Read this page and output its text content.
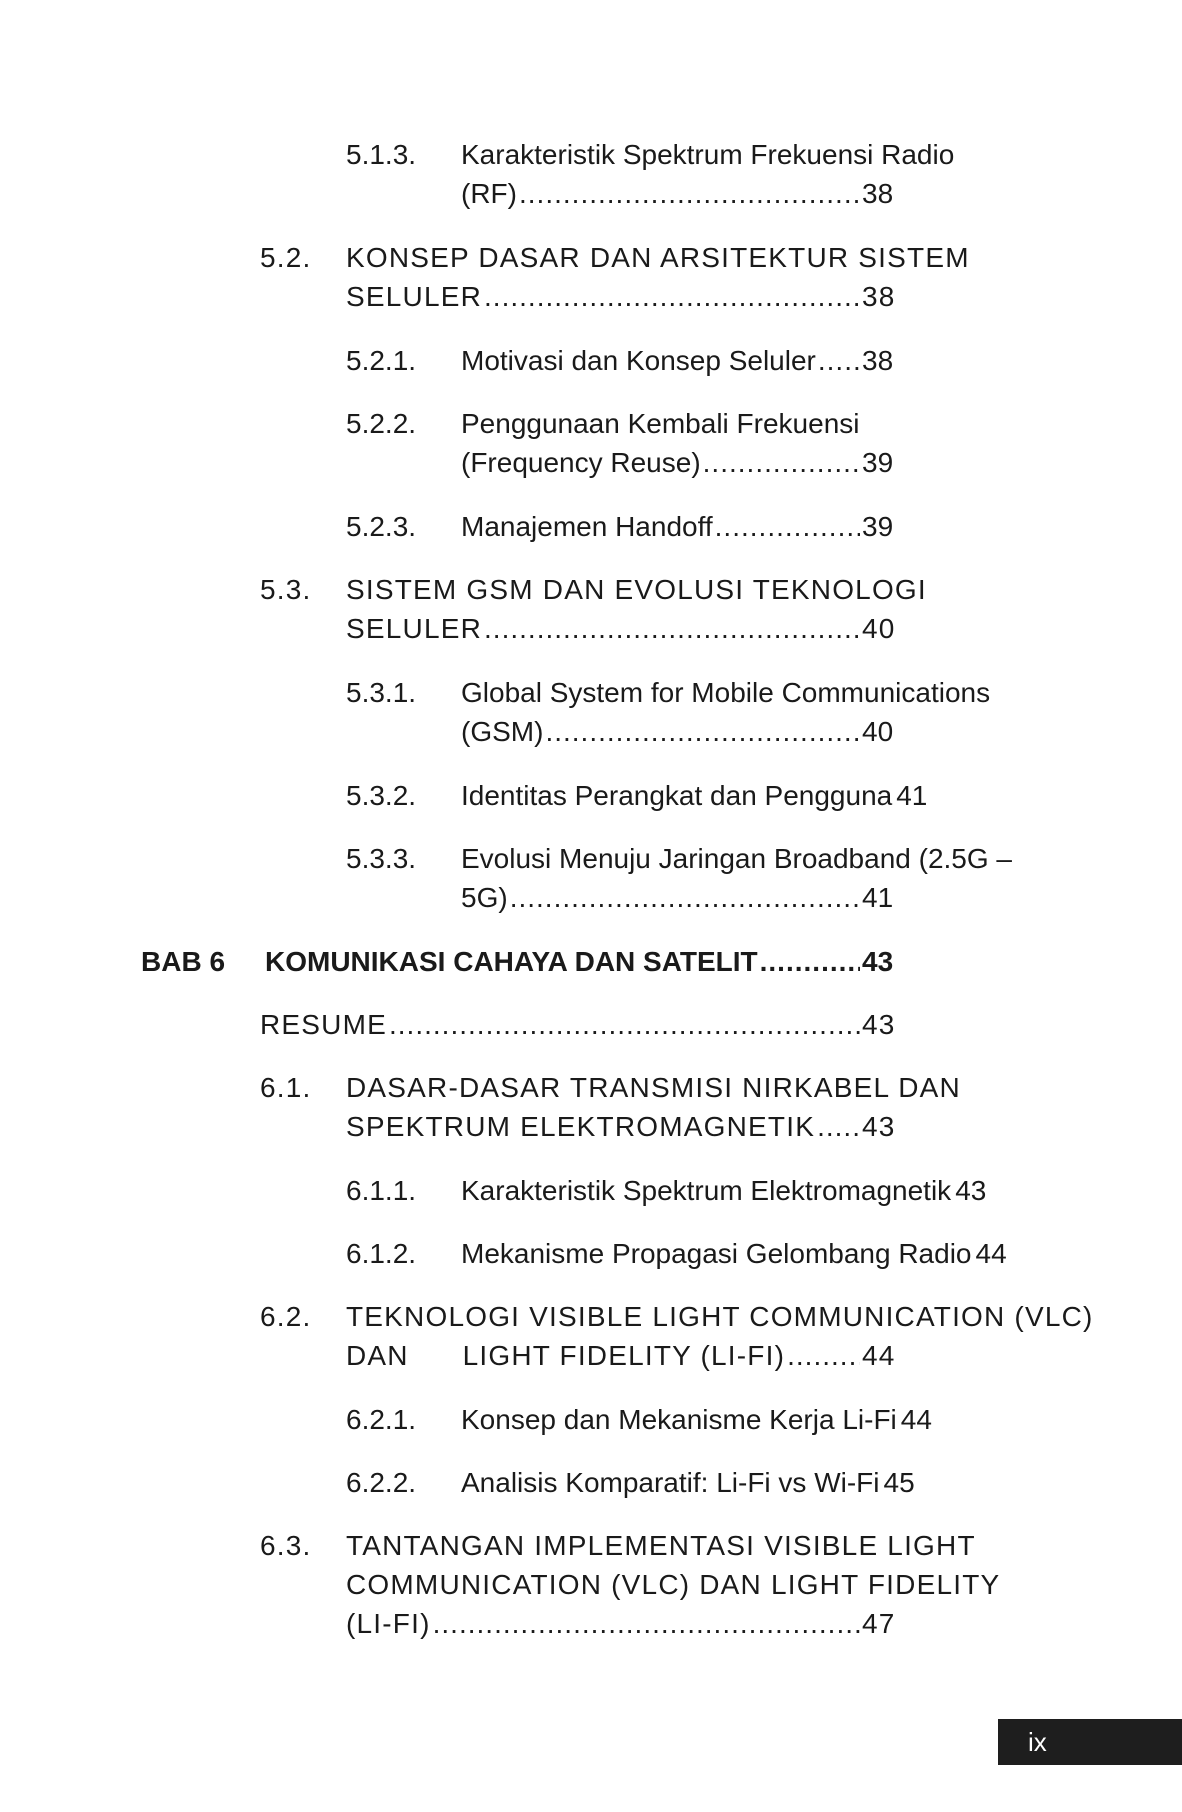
5.1.3. Karakteristik Spektrum Frekuensi Radio
(RF) .....	38
5.2. KONSEP DASAR DAN ARSITEKTUR SISTEM
SELULER .....	38
5.2.1. Motivasi dan Konsep Seluler ..... 38
5.2.2. Penggunaan Kembali Frekuensi
(Frequency Reuse) .....	39
5.2.3. Manajemen Handoff .....	39
5.3. SISTEM GSM DAN EVOLUSI TEKNOLOGI
SELULER .....	40
5.3.1. Global System for Mobile Communications
(GSM) .....	40
5.3.2. Identitas Perangkat dan Pengguna 41
5.3.3. Evolusi Menuju Jaringan Broadband (2.5G –
5G) .....	41
BAB 6 KOMUNIKASI CAHAYA DAN SATELIT .....	43
RESUME .....	43
6.1. DASAR-DASAR TRANSMISI NIRKABEL DAN
SPEKTRUM ELEKTROMAGNETIK ..... 43
6.1.1. Karakteristik Spektrum Elektromagnetik 43
6.1.2. Mekanisme Propagasi Gelombang Radio 44
6.2. TEKNOLOGI VISIBLE LIGHT COMMUNICATION (VLC)
DAN      LIGHT FIDELITY (LI-FI) .....	44
6.2.1. Konsep dan Mekanisme Kerja Li-Fi 44
6.2.2. Analisis Komparatif: Li-Fi vs Wi-Fi 45
6.3. TANTANGAN IMPLEMENTASI VISIBLE LIGHT
COMMUNICATION (VLC) DAN LIGHT FIDELITY
(LI-FI) .....	47
ix
